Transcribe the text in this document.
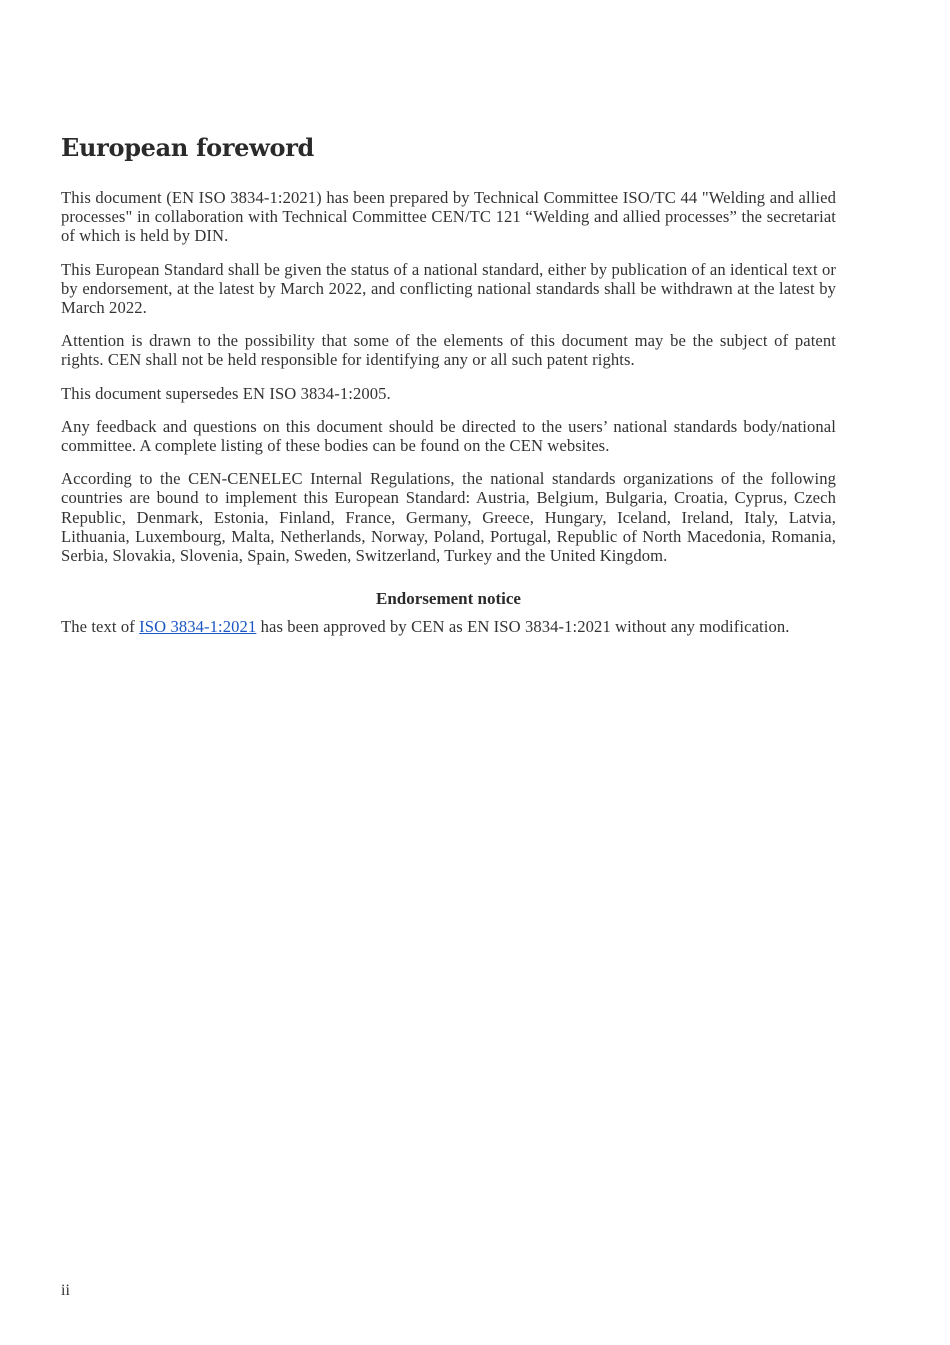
European foreword

This document (EN ISO 3834-1:2021) has been prepared by Technical Committee ISO/TC 44 "Welding and allied processes" in collaboration with Technical Committee CEN/TC 121 “Welding and allied processes” the secretariat of which is held by DIN.

This European Standard shall be given the status of a national standard, either by publication of an identical text or by endorsement, at the latest by March 2022, and conflicting national standards shall be withdrawn at the latest by March 2022.

Attention is drawn to the possibility that some of the elements of this document may be the subject of patent rights. CEN shall not be held responsible for identifying any or all such patent rights.

This document supersedes EN ISO 3834-1:2005.

Any feedback and questions on this document should be directed to the users’ national standards body/national committee. A complete listing of these bodies can be found on the CEN websites.

According to the CEN-CENELEC Internal Regulations, the national standards organizations of the following countries are bound to implement this European Standard: Austria, Belgium, Bulgaria, Croatia, Cyprus, Czech Republic, Denmark, Estonia, Finland, France, Germany, Greece, Hungary, Iceland, Ireland, Italy, Latvia, Lithuania, Luxembourg, Malta, Netherlands, Norway, Poland, Portugal, Republic of North Macedonia, Romania, Serbia, Slovakia, Slovenia, Spain, Sweden, Switzerland, Turkey and the United Kingdom.

Endorsement notice

The text of ISO 3834-1:2021 has been approved by CEN as EN ISO 3834-1:2021 without any modification.

ii
